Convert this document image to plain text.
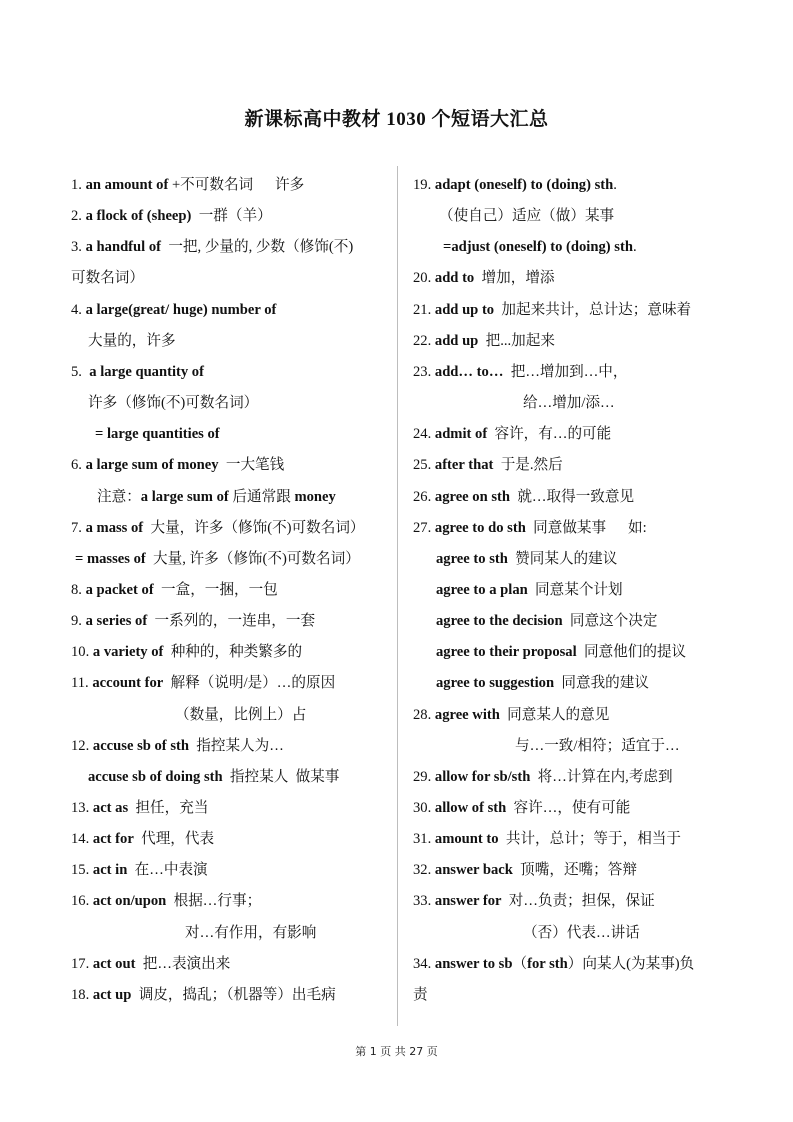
新课标高中教材 1030 个短语大汇总
1. an amount of +不可数名词      许多
2. a flock of (sheep)  一群（羊）
3. a handful of  一把, 少量的, 少数（修饰(不)
可数名词）
4. a large(great/ huge) number of
大量的，许多
5.  a large quantity of
许多（修饰(不)可数名词）
= large quantities of
6. a large sum of money  一大笔钱
注意：a large sum of 后通常跟 money
7. a mass of  大量，许多（修饰(不)可数名词）
= masses of  大量, 许多（修饰(不)可数名词）
8. a packet of  一盒，一捆，一包
9. a series of  一系列的，一连串，一套
10. a variety of  种种的，种类繁多的
11. account for  解释（说明/是）…的原因
（数量，比例上）占
12. accuse sb of sth  指控某人为…
accuse sb of doing sth  指控某人  做某事
13. act as  担任，充当
14. act for  代理，代表
15. act in  在…中表演
16. act on/upon  根据…行事；
对…有作用，有影响
17. act out  把…表演出来
18. act up  调皮，捣乱；（机器等）出毛病
19. adapt (oneself) to (doing) sth.
（使自己）适应（做）某事
=adjust (oneself) to (doing) sth.
20. add to  增加，增添
21. add up to  加起来共计，总计达；意味着
22. add up  把...加起来
23. add… to…  把…增加到…中，
给…增加/添…
24. admit of  容许，有…的可能
25. after that  于是.然后
26. agree on sth  就…取得一致意见
27. agree to do sth  同意做某事      如:
agree to sth  赞同某人的建议
agree to a plan  同意某个计划
agree to the decision  同意这个决定
agree to their proposal  同意他们的提议
agree to suggestion  同意我的建议
28. agree with  同意某人的意见
与…一致/相符；适宜于…
29. allow for sb/sth  将…计算在内,考虑到
30. allow of sth  容许…，使有可能
31. amount to  共计，总计；等于，相当于
32. answer back  顶嘴，还嘴；答辩
33. answer for  对…负责；担保，保证
（否）代表…讲话
34. answer to sb（for sth）向某人(为某事)负
责
第 1 页 共 27 页
